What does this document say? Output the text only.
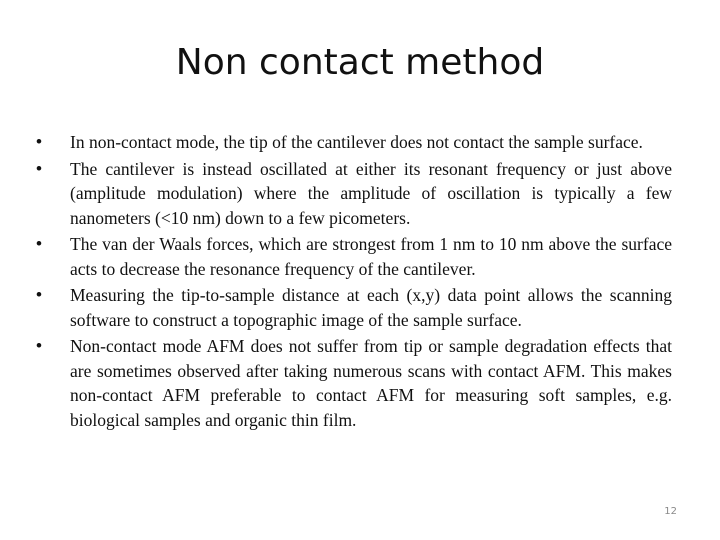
Non contact method
•	In non-contact mode, the tip of the cantilever does not contact the sample surface.
•	The cantilever is instead oscillated at either its resonant frequency or just above (amplitude modulation) where the amplitude of oscillation is typically a few nanometers (<10 nm) down to a few picometers.
•	The van der Waals forces, which are strongest from 1 nm to 10 nm above the surface acts to decrease the resonance frequency of the cantilever.
•	Measuring the tip-to-sample distance at each (x,y) data point allows the scanning software to construct a topographic image of the sample surface.
•	Non-contact mode AFM does not suffer from tip or sample degradation effects that are sometimes observed after taking numerous scans with contact AFM. This makes non-contact AFM preferable to contact AFM for measuring soft samples, e.g. biological samples and organic thin film.

12
